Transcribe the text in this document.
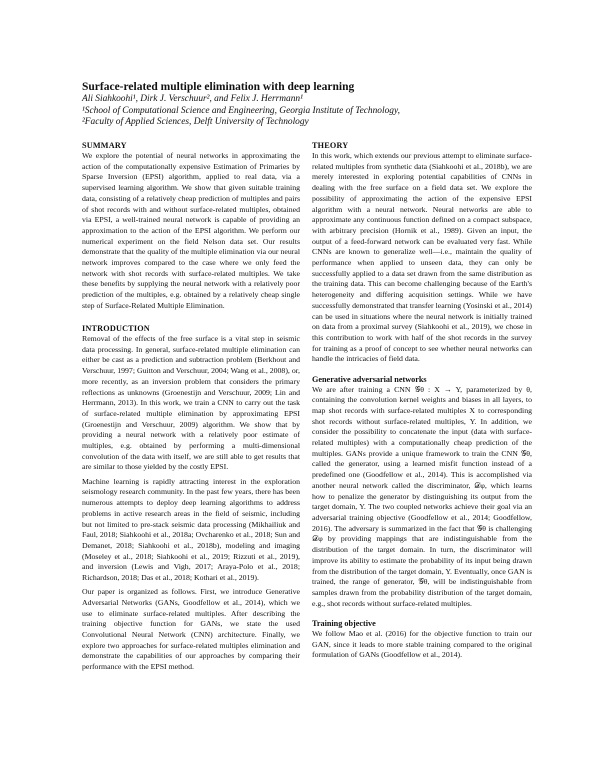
Surface-related multiple elimination with deep learning
Ali Siahkoohi¹, Dirk J. Verschuur², and Felix J. Herrmann¹
¹School of Computational Science and Engineering, Georgia Institute of Technology,
²Faculty of Applied Sciences, Delft University of Technology
SUMMARY

We explore the potential of neural networks in approximating the action of the computationally expensive Estimation of Primaries by Sparse Inversion (EPSI) algorithm, applied to real data, via a supervised learning algorithm. We show that given suitable training data, consisting of a relatively cheap prediction of multiples and pairs of shot records with and without surface-related multiples, obtained via EPSI, a well-trained neural network is capable of providing an approximation to the action of the EPSI algorithm. We perform our numerical experiment on the field Nelson data set. Our results demonstrate that the quality of the multiple elimination via our neural network improves compared to the case where we only feed the network with shot records with surface-related multiples. We take these benefits by supplying the neural network with a relatively poor prediction of the multiples, e.g. obtained by a relatively cheap single step of Surface-Related Multiple Elimination.

INTRODUCTION

Removal of the effects of the free surface is a vital step in seismic data processing. In general, surface-related multiple elimination can either be cast as a prediction and subtraction problem (Berkhout and Verschuur, 1997; Guitton and Verschuur, 2004; Wang et al., 2008), or, more recently, as an inversion problem that considers the primary reflections as unknowns (Groenestijn and Verschuur, 2009; Lin and Herrmann, 2013). In this work, we train a CNN to carry out the task of surface-related multiple elimination by approximating EPSI (Groenestijn and Verschuur, 2009) algorithm. We show that by providing a neural network with a relatively poor estimate of multiples, e.g. obtained by performing a multi-dimensional convolution of the data with itself, we are still able to get results that are similar to those yielded by the costly EPSI.

Machine learning is rapidly attracting interest in the exploration seismology research community. In the past few years, there has been numerous attempts to deploy deep learning algorithms to address problems in active research areas in the field of seismic, including but not limited to pre-stack seismic data processing (Mikhailiuk and Faul, 2018; Siahkoohi et al., 2018a; Ovcharenko et al., 2018; Sun and Demanet, 2018; Siahkoohi et al., 2018b), modeling and imaging (Moseley et al., 2018; Siahkoohi et al., 2019; Rizzuti et al., 2019), and inversion (Lewis and Vigh, 2017; Araya-Polo et al., 2018; Richardson, 2018; Das et al., 2018; Kothari et al., 2019).

Our paper is organized as follows. First, we introduce Generative Adversarial Networks (GANs, Goodfellow et al., 2014), which we use to eliminate surface-related multiples. After describing the training objective function for GANs, we state the used Convolutional Neural Network (CNN) architecture. Finally, we explore two approaches for surface-related multiples elimination and demonstrate the capabilities of our approaches by comparing their performance with the EPSI method.

THEORY

In this work, which extends our previous attempt to eliminate surface-related multiples from synthetic data (Siahkoohi et al., 2018b), we are merely interested in exploring potential capabilities of CNNs in dealing with the free surface on a field data set. We explore the possibility of approximating the action of the expensive EPSI algorithm with a neural network. Neural networks are able to approximate any continuous function defined on a compact subspace, with arbitrary precision (Hornik et al., 1989). Given an input, the output of a feed-forward network can be evaluated very fast. While CNNs are known to generalize well—i.e., maintain the quality of performance when applied to unseen data, they can only be successfully applied to a data set drawn from the same distribution as the training data. This can become challenging because of the Earth's heterogeneity and differing acquisition settings. While we have successfully demonstrated that transfer learning (Yosinski et al., 2014) can be used in situations where the neural network is initially trained on data from a proximal survey (Siahkoohi et al., 2019), we chose in this contribution to work with half of the shot records in the survey for training as a proof of concept to see whether neural networks can handle the intricacies of field data.

Generative adversarial networks

We are after training a CNN 𝒢θ : X → Y, parameterized by θ, containing the convolution kernel weights and biases in all layers, to map shot records with surface-related multiples X to corresponding shot records without surface-related multiples, Y. In addition, we consider the possibility to concatenate the input (data with surface-related multiples) with a computationally cheap prediction of the multiples. GANs provide a unique framework to train the CNN 𝒢θ, called the generator, using a learned misfit function instead of a predefined one (Goodfellow et al., 2014). This is accomplished via another neural network called the discriminator, 𝒟φ, which learns how to penalize the generator by distinguishing its output from the target domain, Y. The two coupled networks achieve their goal via an adversarial training objective (Goodfellow et al., 2014; Goodfellow, 2016). The adversary is summarized in the fact that 𝒢θ is challenging 𝒟φ by providing mappings that are indistinguishable from the distribution of the target domain. In turn, the discriminator will improve its ability to estimate the probability of its input being drawn from the distribution of the target domain, Y. Eventually, once GAN is trained, the range of generator, 𝒢θ, will be indistinguishable from samples drawn from the probability distribution of the target domain, e.g., shot records without surface-related multiples.

Training objective

We follow Mao et al. (2016) for the objective function to train our GAN, since it leads to more stable training compared to the original formulation of GANs (Goodfellow et al., 2014).
